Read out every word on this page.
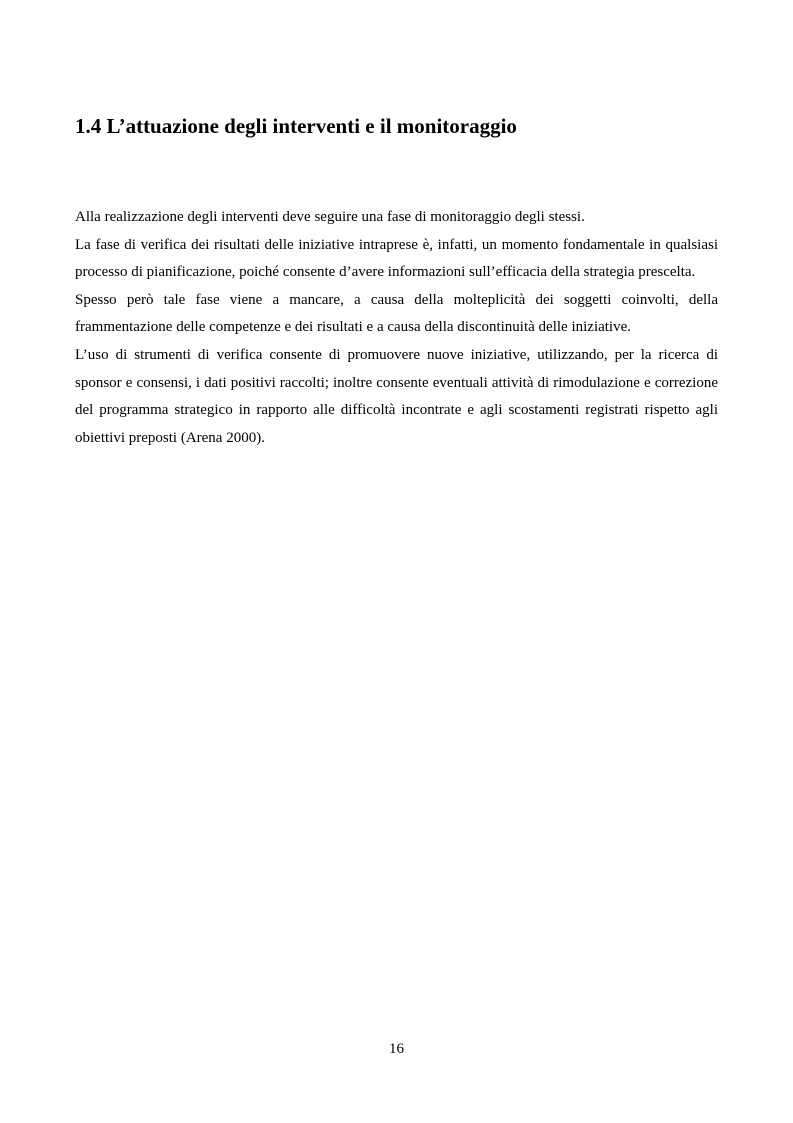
1.4 L’attuazione degli interventi e il monitoraggio

Alla realizzazione degli interventi deve seguire una fase di monitoraggio degli stessi.

La fase di verifica dei risultati delle iniziative intraprese è, infatti, un momento fondamentale in qualsiasi processo di pianificazione, poiché consente d’avere informazioni sull’efficacia della strategia prescelta.

Spesso però tale fase viene a mancare, a causa della molteplicità dei soggetti coinvolti, della frammentazione delle competenze e dei risultati e a causa della discontinuità delle iniziative.

L’uso di strumenti di verifica consente di promuovere nuove iniziative, utilizzando, per la ricerca di sponsor e consensi, i dati positivi raccolti; inoltre consente eventuali attività di rimodulazione e correzione del programma strategico in rapporto alle difficoltà incontrate e agli scostamenti registrati rispetto agli obiettivi preposti (Arena 2000).

16
